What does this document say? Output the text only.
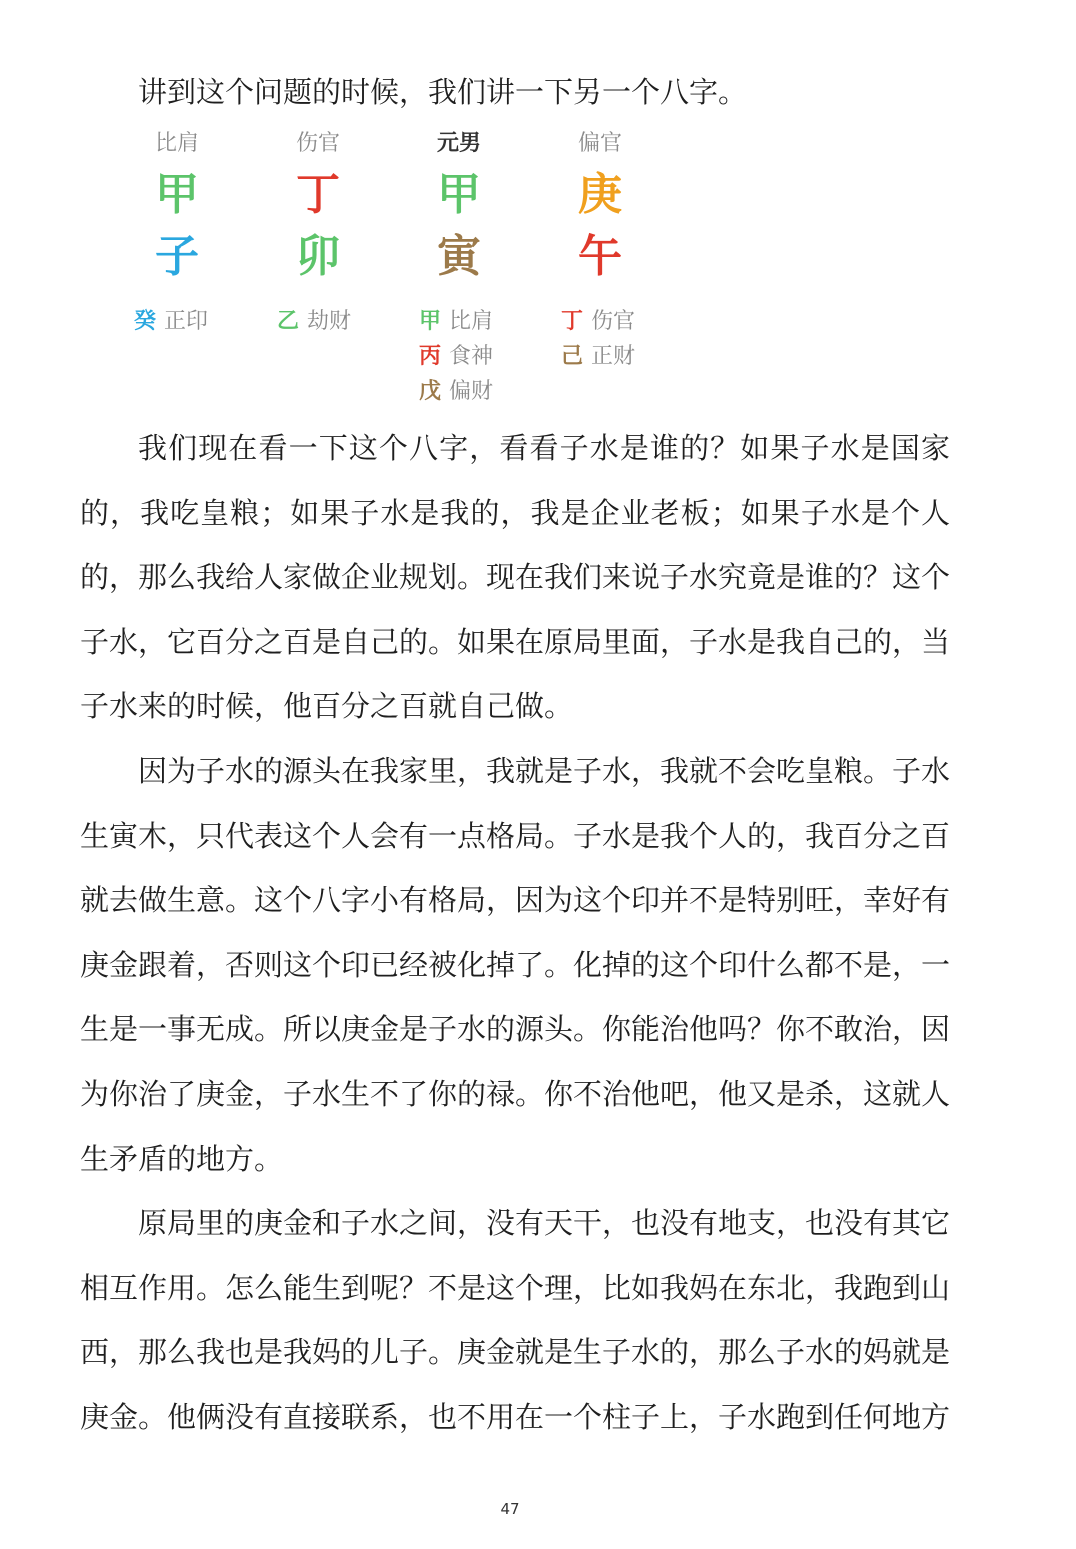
讲到这个问题的时候，我们讲一下另一个八字。
比肩
甲
子
癸 正印
伤官
丁
卯
乙 劫财
元男
甲
寅
甲 比肩
丙 食神
戊 偏财
偏官
庚
午
丁 伤官
己 正财

我们现在看一下这个八字，看看子水是谁的？如果子水是国家的，我吃皇粮；如果子水是我的，我是企业老板；如果子水是个人的，那么我给人家做企业规划。现在我们来说子水究竟是谁的？这个子水，它百分之百是自己的。如果在原局里面，子水是我自己的，当子水来的时候，他百分之百就自己做。

因为子水的源头在我家里，我就是子水，我就不会吃皇粮。子水生寅木，只代表这个人会有一点格局。子水是我个人的，我百分之百就去做生意。这个八字小有格局，因为这个印并不是特别旺，幸好有庚金跟着，否则这个印已经被化掉了。化掉的这个印什么都不是，一生是一事无成。所以庚金是子水的源头。你能治他吗？你不敢治，因为你治了庚金，子水生不了你的禄。你不治他吧，他又是杀，这就人生矛盾的地方。

原局里的庚金和子水之间，没有天干，也没有地支，也没有其它相互作用。怎么能生到呢？不是这个理，比如我妈在东北，我跑到山西，那么我也是我妈的儿子。庚金就是生子水的，那么子水的妈就是庚金。他俩没有直接联系，也不用在一个柱子上，子水跑到任何地方

47
